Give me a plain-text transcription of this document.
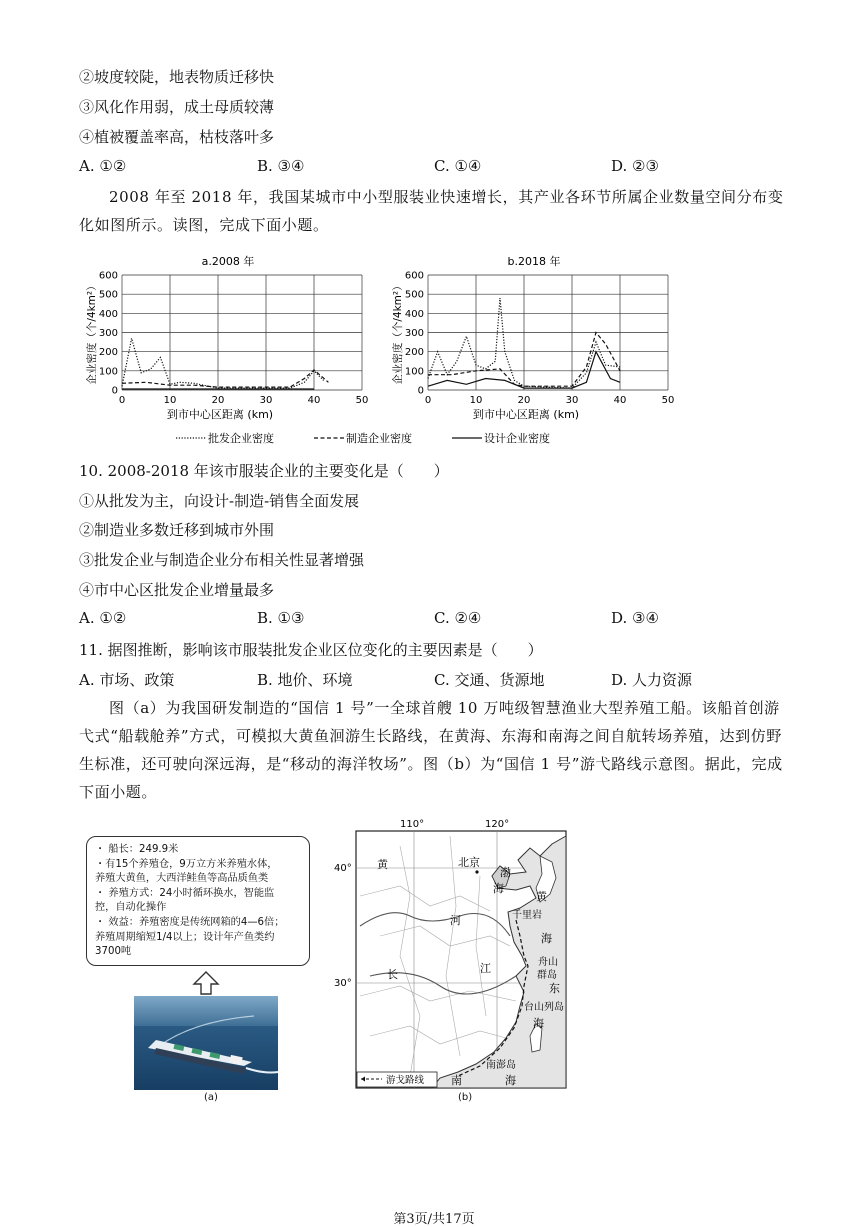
②坡度较陡，地表物质迁移快
③风化作用弱，成土母质较薄
④植被覆盖率高，枯枝落叶多
A. ①②	B. ③④	C. ①④	D. ②③
2008 年至 2018 年，我国某城市中小型服装业快速增长，其产业各环节所属企业数量空间分布变化如图所示。读图，完成下面小题。
0
100
200
300
400
500
600
0	10	20	30	40	50
a.2008 年
到市中心区距离 (km)
企业密度（个/4km²）
0
100
200
300
400
500
600
0	10	20	30	40	50
b.2018 年
到市中心区距离 (km)
企业密度（个/4km²）
批发企业密度	制造企业密度	设计企业密度
10. 2008-2018 年该市服装企业的主要变化是（　　）
①从批发为主，向设计-制造-销售全面发展
②制造业多数迁移到城市外围
③批发企业与制造企业分布相关性显著增强
④市中心区批发企业增量最多
A. ①②	B. ①③	C. ②④	D. ③④
11. 据图推断，影响该市服装批发企业区位变化的主要因素是（　　）
A. 市场、政策	B. 地价、环境	C. 交通、货源地	D. 人力资源
图（a）为我国研发制造的“国信 1 号”一全球首艘 10 万吨级智慧渔业大型养殖工船。该船首创游弋式“船载舱养”方式，可模拟大黄鱼洄游生长路线，在黄海、东海和南海之间自航转场养殖，达到仿野生标准，还可驶向深远海，是“移动的海洋牧场”。图（b）为“国信 1 号”游弋路线示意图。据此，完成下面小题。
・ 船长：249.9米
・有15个养殖仓，9万立方米养殖水体，
养殖大黄鱼，大西洋鲑鱼等高品质鱼类
・ 养殖方式：24小时循环换水，智能监
控，自动化操作
・ 效益：养殖密度是传统网箱的4—6倍；
养殖周期缩短1/4以上；设计年产鱼类约
3700吨
(a)
110°	120°
40°
30°
黄
河
长	江
北京
渤
海
黄
海
千里岩
舟山
群岛
东
台山列岛
海
南澎岛
南	海
游戈路线
(b)
第3页/共17页
